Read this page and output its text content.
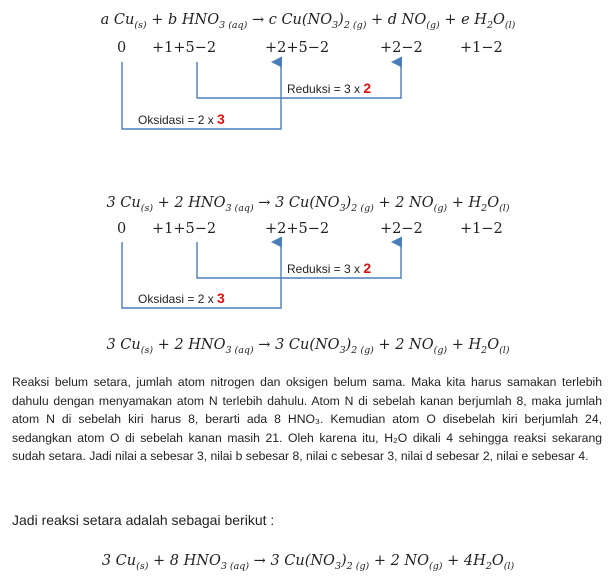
a $Cu_{(s)} + b$ $HNO_{3 (aq)} \to c$ $Cu(NO_3)_{2 (g)} + d$ $NO_{(g)} + e$ $H_2O_{(l)}$
0 +1+5−2	+2+5−2	+2−2	+1−2
3 $Cu_{(s)} + 2$ $HNO_{3 (aq)} \to 3$ $Cu(NO_3)_{2 (g)} + 2$ $NO_{(g)} + H_2O_{(l)}$
0 +1+5−2	+2+5−2	+2−2	+1−2
Reduksi = 3 x 2
Oksidasi = 2 x 3
Reduksi = 3 x 2
Oksidasi = 2 x 3
3 $Cu_{(s)} + 2$ $HNO_{3 (aq)} \to 3$ $Cu(NO_3)_{2 (g)} + 2$ $NO_{(g)} + H_2O_{(l)}$
Reaksi belum setara, jumlah atom nitrogen dan oksigen belum sama. Maka kita harus samakan terlebih dahulu dengan menyamakan atom N terlebih dahulu. Atom N di sebelah kanan berjumlah 8, maka jumlah atom N di sebelah kiri harus 8, berarti ada 8 HNO₃. Kemudian atom O disebelah kiri berjumlah 24, sedangkan atom O di sebelah kanan masih 21. Oleh karena itu, H₂O dikali 4 sehingga reaksi sekarang sudah setara. Jadi nilai a sebesar 3, nilai b sebesar 8, nilai c sebesar 3, nilai d sebesar 2, nilai e sebesar 4.
Jadi reaksi setara adalah sebagai berikut :
3 $Cu_{(s)} + 8$ $HNO_{3 (aq)} \to 3$ $Cu(NO_3)_{2 (g)} + 2$ $NO_{(g)} + 4H_2O_{(l)}$
